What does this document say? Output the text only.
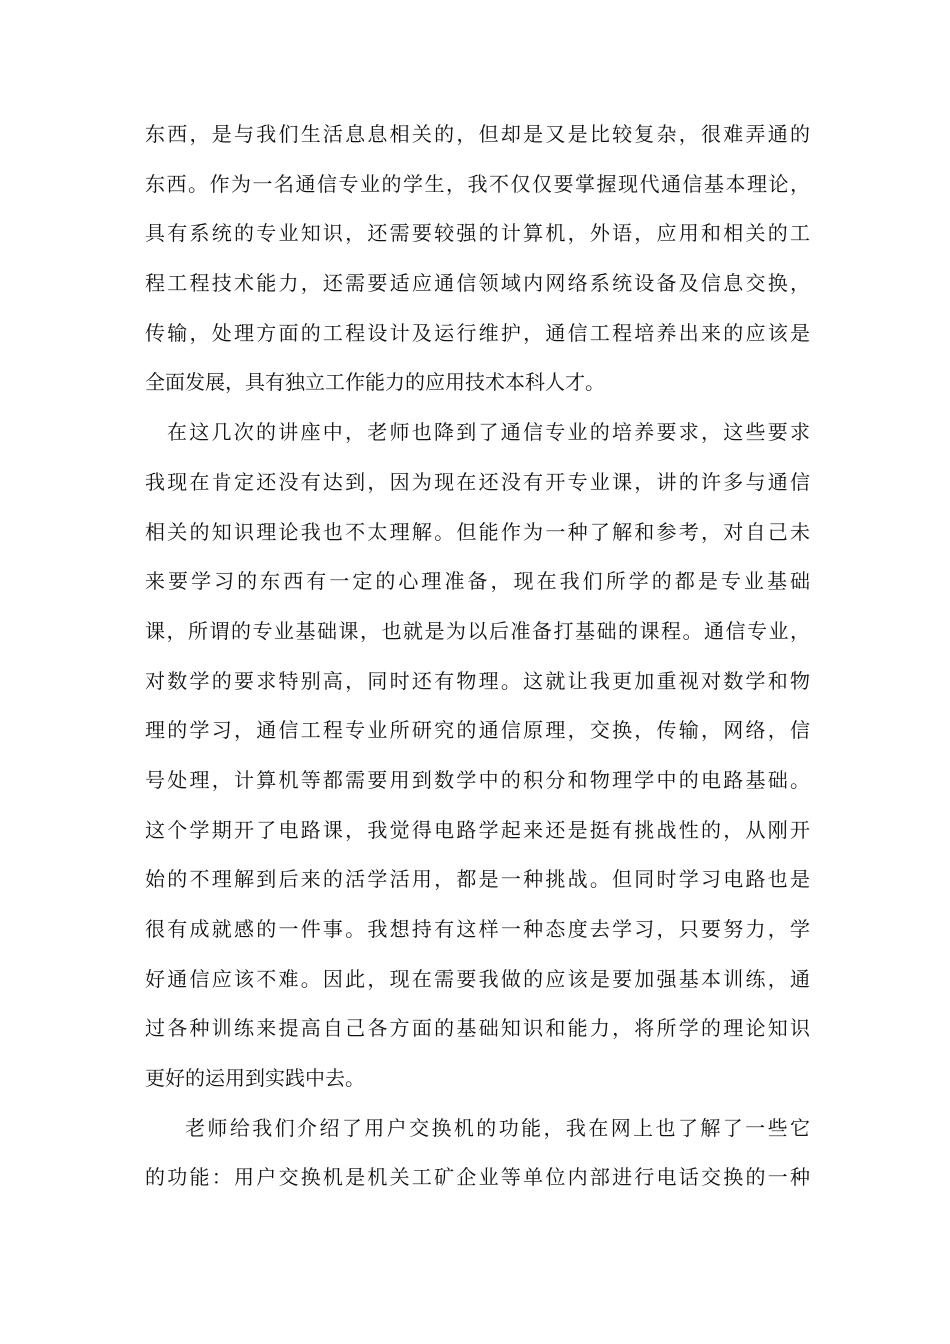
东西，是与我们生活息息相关的，但却是又是比较复杂，很难弄通的
东西。作为一名通信专业的学生，我不仅仅要掌握现代通信基本理论，
具有系统的专业知识，还需要较强的计算机，外语，应用和相关的工
程工程技术能力，还需要适应通信领域内网络系统设备及信息交换，
传输，处理方面的工程设计及运行维护，通信工程培养出来的应该是
全面发展，具有独立工作能力的应用技术本科人才。
在这几次的讲座中，老师也降到了通信专业的培养要求，这些要求
我现在肯定还没有达到，因为现在还没有开专业课，讲的许多与通信
相关的知识理论我也不太理解。但能作为一种了解和参考，对自己未
来要学习的东西有一定的心理准备，现在我们所学的都是专业基础
课，所谓的专业基础课，也就是为以后准备打基础的课程。通信专业，
对数学的要求特别高，同时还有物理。这就让我更加重视对数学和物
理的学习，通信工程专业所研究的通信原理，交换，传输，网络，信
号处理，计算机等都需要用到数学中的积分和物理学中的电路基础。
这个学期开了电路课，我觉得电路学起来还是挺有挑战性的，从刚开
始的不理解到后来的活学活用，都是一种挑战。但同时学习电路也是
很有成就感的一件事。我想持有这样一种态度去学习，只要努力，学
好通信应该不难。因此，现在需要我做的应该是要加强基本训练，通
过各种训练来提高自己各方面的基础知识和能力，将所学的理论知识
更好的运用到实践中去。
老师给我们介绍了用户交换机的功能，我在网上也了解了一些它
的功能：用户交换机是机关工矿企业等单位内部进行电话交换的一种
